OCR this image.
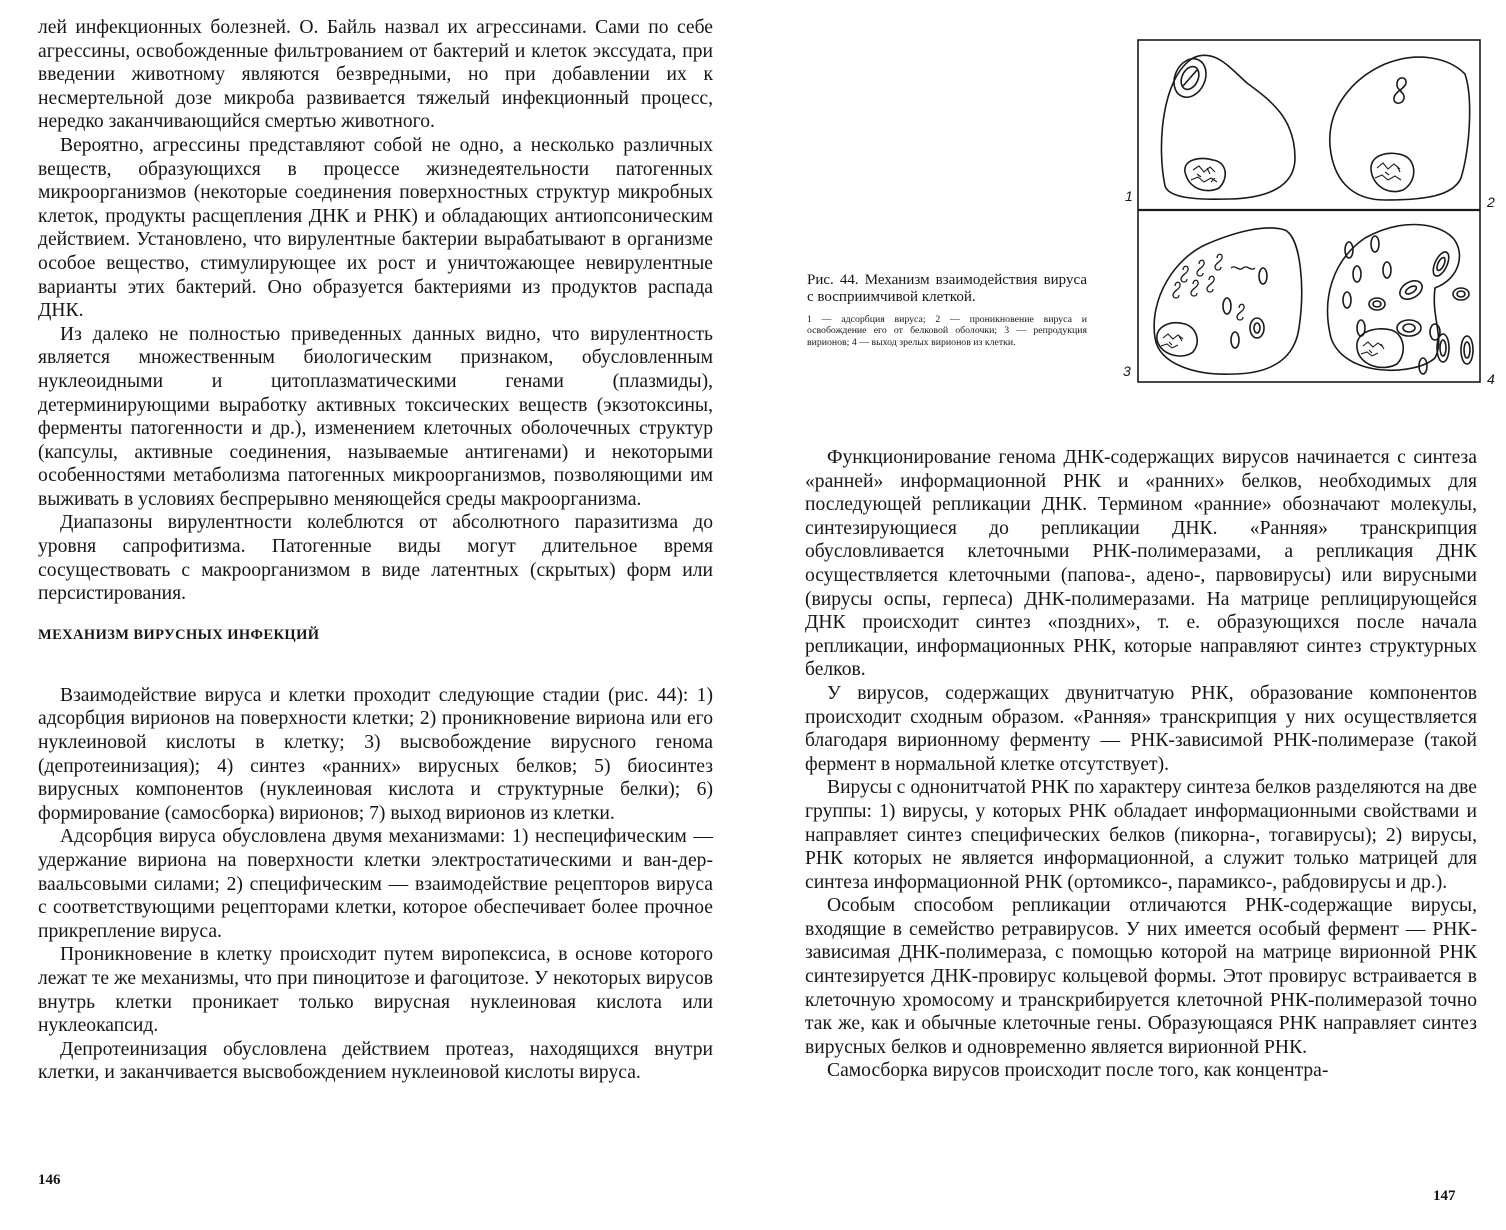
лей инфекционных болезней. О. Байль назвал их агрессинами. Сами по себе агрессины, освобожденные фильтрованием от бактерий и клеток экссудата, при введении животному являются безвредными, но при добавлении их к несмертельной дозе микроба развивается тяжелый инфекционный процесс, нередко заканчивающийся смертью животного.

Вероятно, агрессины представляют собой не одно, а несколько различных веществ, образующихся в процессе жизнедеятельности патогенных микроорганизмов (некоторые соединения поверхностных структур микробных клеток, продукты расщепления ДНК и РНК) и обладающих антиопсоническим действием. Установлено, что вирулентные бактерии вырабатывают в организме особое вещество, стимулирующее их рост и уничтожающее невирулентные варианты этих бактерий. Оно образуется бактериями из продуктов распада ДНК.

Из далеко не полностью приведенных данных видно, что вирулентность является множественным биологическим признаком, обусловленным нуклеоидными и цитоплазматическими генами (плазмиды), детерминирующими выработку активных токсических веществ (экзотоксины, ферменты патогенности и др.), изменением клеточных оболочечных структур (капсулы, активные соединения, называемые антигенами) и некоторыми особенностями метаболизма патогенных микроорганизмов, позволяющими им выживать в условиях беспрерывно меняющейся среды макроорганизма.

Диапазоны вирулентности колеблются от абсолютного паразитизма до уровня сапрофитизма. Патогенные виды могут длительное время сосуществовать с макроорганизмом в виде латентных (скрытых) форм или персистирования.

МЕХАНИЗМ ВИРУСНЫХ ИНФЕКЦИЙ

Взаимодействие вируса и клетки проходит следующие стадии (рис. 44): 1) адсорбция вирионов на поверхности клетки; 2) проникновение вириона или его нуклеиновой кислоты в клетку; 3) высвобождение вирусного генома (депротеинизация); 4) синтез «ранних» вирусных белков; 5) биосинтез вирусных компонентов (нуклеиновая кислота и структурные белки); 6) формирование (самосборка) вирионов; 7) выход вирионов из клетки.

Адсорбция вируса обусловлена двумя механизмами: 1) неспецифическим — удержание вириона на поверхности клетки электростатическими и ван-дер-ваальсовыми силами; 2) специфическим — взаимодействие рецепторов вируса с соответствующими рецепторами клетки, которое обеспечивает более прочное прикрепление вируса.

Проникновение в клетку происходит путем виропексиса, в основе которого лежат те же механизмы, что при пиноцитозе и фагоцитозе. У некоторых вирусов внутрь клетки проникает только вирусная нуклеиновая кислота или нуклеокапсид.

Депротеинизация обусловлена действием протеаз, находящихся внутри клетки, и заканчивается высвобождением нуклеиновой кислоты вируса.

146
1	2
3	4

Рис. 44. Механизм взаимодействия вируса с восприимчивой клеткой.

1 — адсорбция вируса; 2 — проникновение вируса и освобождение его от белковой оболочки; 3 — репродукция вирионов; 4 — выход зрелых вирионов из клетки.

Функционирование генома ДНК-содержащих вирусов начинается с синтеза «ранней» информационной РНК и «ранних» белков, необходимых для последующей репликации ДНК. Термином «ранние» обозначают молекулы, синтезирующиеся до репликации ДНК. «Ранняя» транскрипция обусловливается клеточными РНК-полимеразами, а репликация ДНК осуществляется клеточными (папова-, адено-, парвовирусы) или вирусными (вирусы оспы, герпеса) ДНК-полимеразами. На матрице реплицирующейся ДНК происходит синтез «поздних», т. е. образующихся после начала репликации, информационных РНК, которые направляют синтез структурных белков.

У вирусов, содержащих двунитчатую РНК, образование компонентов происходит сходным образом. «Ранняя» транскрипция у них осуществляется благодаря вирионному ферменту — РНК-зависимой РНК-полимеразе (такой фермент в нормальной клетке отсутствует).

Вирусы с однонитчатой РНК по характеру синтеза белков разделяются на две группы: 1) вирусы, у которых РНК обладает информационными свойствами и направляет синтез специфических белков (пикорна-, тогавирусы); 2) вирусы, РНК которых не является информационной, а служит только матрицей для синтеза информационной РНК (ортомиксо-, парамиксо-, рабдовирусы и др.).

Особым способом репликации отличаются РНК-содержащие вирусы, входящие в семейство ретравирусов. У них имеется особый фермент — РНК-зависимая ДНК-полимераза, с помощью которой на матрице вирионной РНК синтезируется ДНК-провирус кольцевой формы. Этот провирус встраивается в клеточную хромосому и транскрибируется клеточной РНК-полимеразой точно так же, как и обычные клеточные гены. Образующаяся РНК направляет синтез вирусных белков и одновременно является вирионной РНК.

Самосборка вирусов происходит после того, как концентра-

147
